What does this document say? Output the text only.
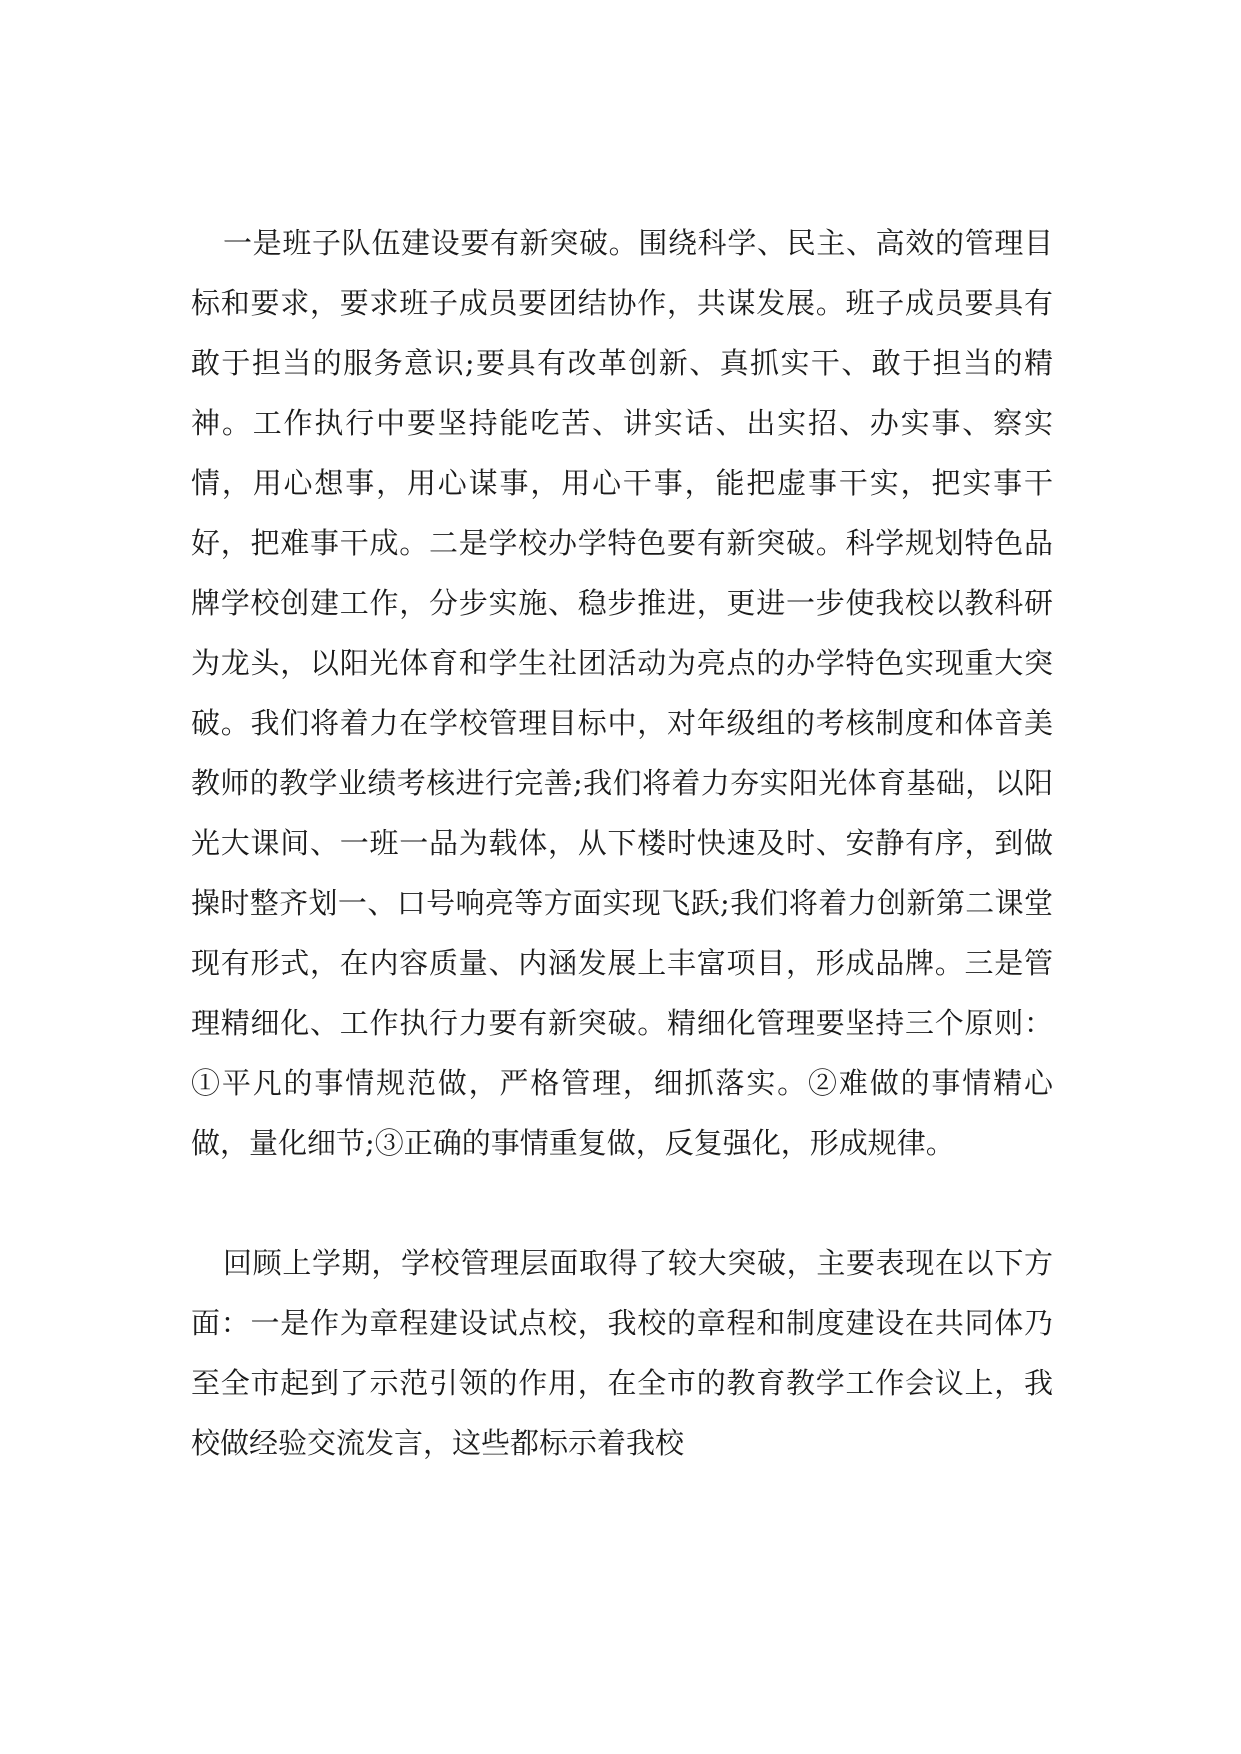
一是班子队伍建设要有新突破。围绕科学、民主、高效的管理目标和要求，要求班子成员要团结协作，共谋发展。班子成员要具有敢于担当的服务意识;要具有改革创新、真抓实干、敢于担当的精神。工作执行中要坚持能吃苦、讲实话、出实招、办实事、察实情，用心想事，用心谋事，用心干事，能把虚事干实，把实事干好，把难事干成。二是学校办学特色要有新突破。科学规划特色品牌学校创建工作，分步实施、稳步推进，更进一步使我校以教科研为龙头，以阳光体育和学生社团活动为亮点的办学特色实现重大突破。我们将着力在学校管理目标中，对年级组的考核制度和体音美教师的教学业绩考核进行完善;我们将着力夯实阳光体育基础，以阳光大课间、一班一品为载体，从下楼时快速及时、安静有序，到做操时整齐划一、口号响亮等方面实现飞跃;我们将着力创新第二课堂现有形式，在内容质量、内涵发展上丰富项目，形成品牌。三是管理精细化、工作执行力要有新突破。精细化管理要坚持三个原则：①平凡的事情规范做，严格管理，细抓落实。②难做的事情精心做，量化细节;③正确的事情重复做，反复强化，形成规律。

回顾上学期，学校管理层面取得了较大突破，主要表现在以下方面：一是作为章程建设试点校，我校的章程和制度建设在共同体乃至全市起到了示范引领的作用，在全市的教育教学工作会议上，我校做经验交流发言，这些都标示着我校
